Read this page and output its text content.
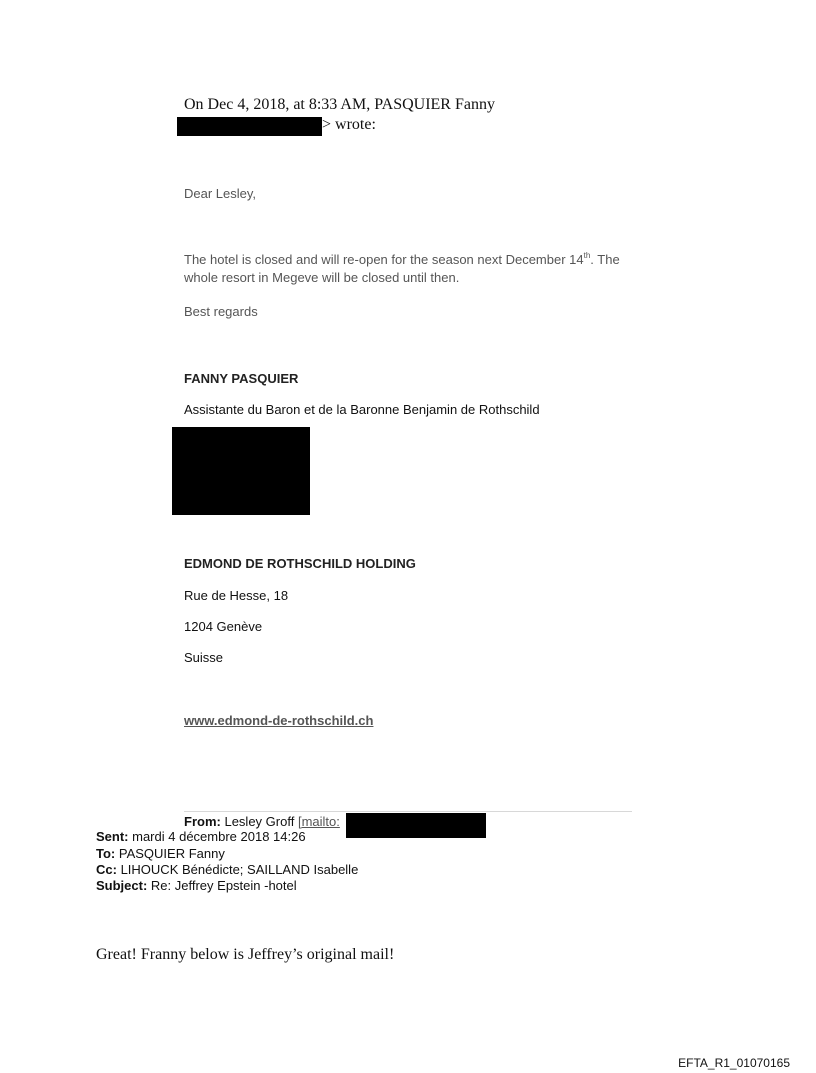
On Dec 4, 2018, at 8:33 AM, PASQUIER Fanny
> wrote:
Dear Lesley,
The hotel is closed and will re-open for the season next December 14th. The
whole resort in Megeve will be closed until then.
Best regards
FANNY PASQUIER
Assistante du Baron et de la Baronne Benjamin de Rothschild
EDMOND DE ROTHSCHILD HOLDING
Rue de Hesse, 18
1204 Genève
Suisse
www.edmond-de-rothschild.ch
From: Lesley Groff [mailto:
Sent: mardi 4 décembre 2018 14:26
To: PASQUIER Fanny
Cc: LIHOUCK Bénédicte; SAILLAND Isabelle
Subject: Re: Jeffrey Epstein -hotel
Great! Franny below is Jeffrey’s original mail!
EFTA_R1_01070165
